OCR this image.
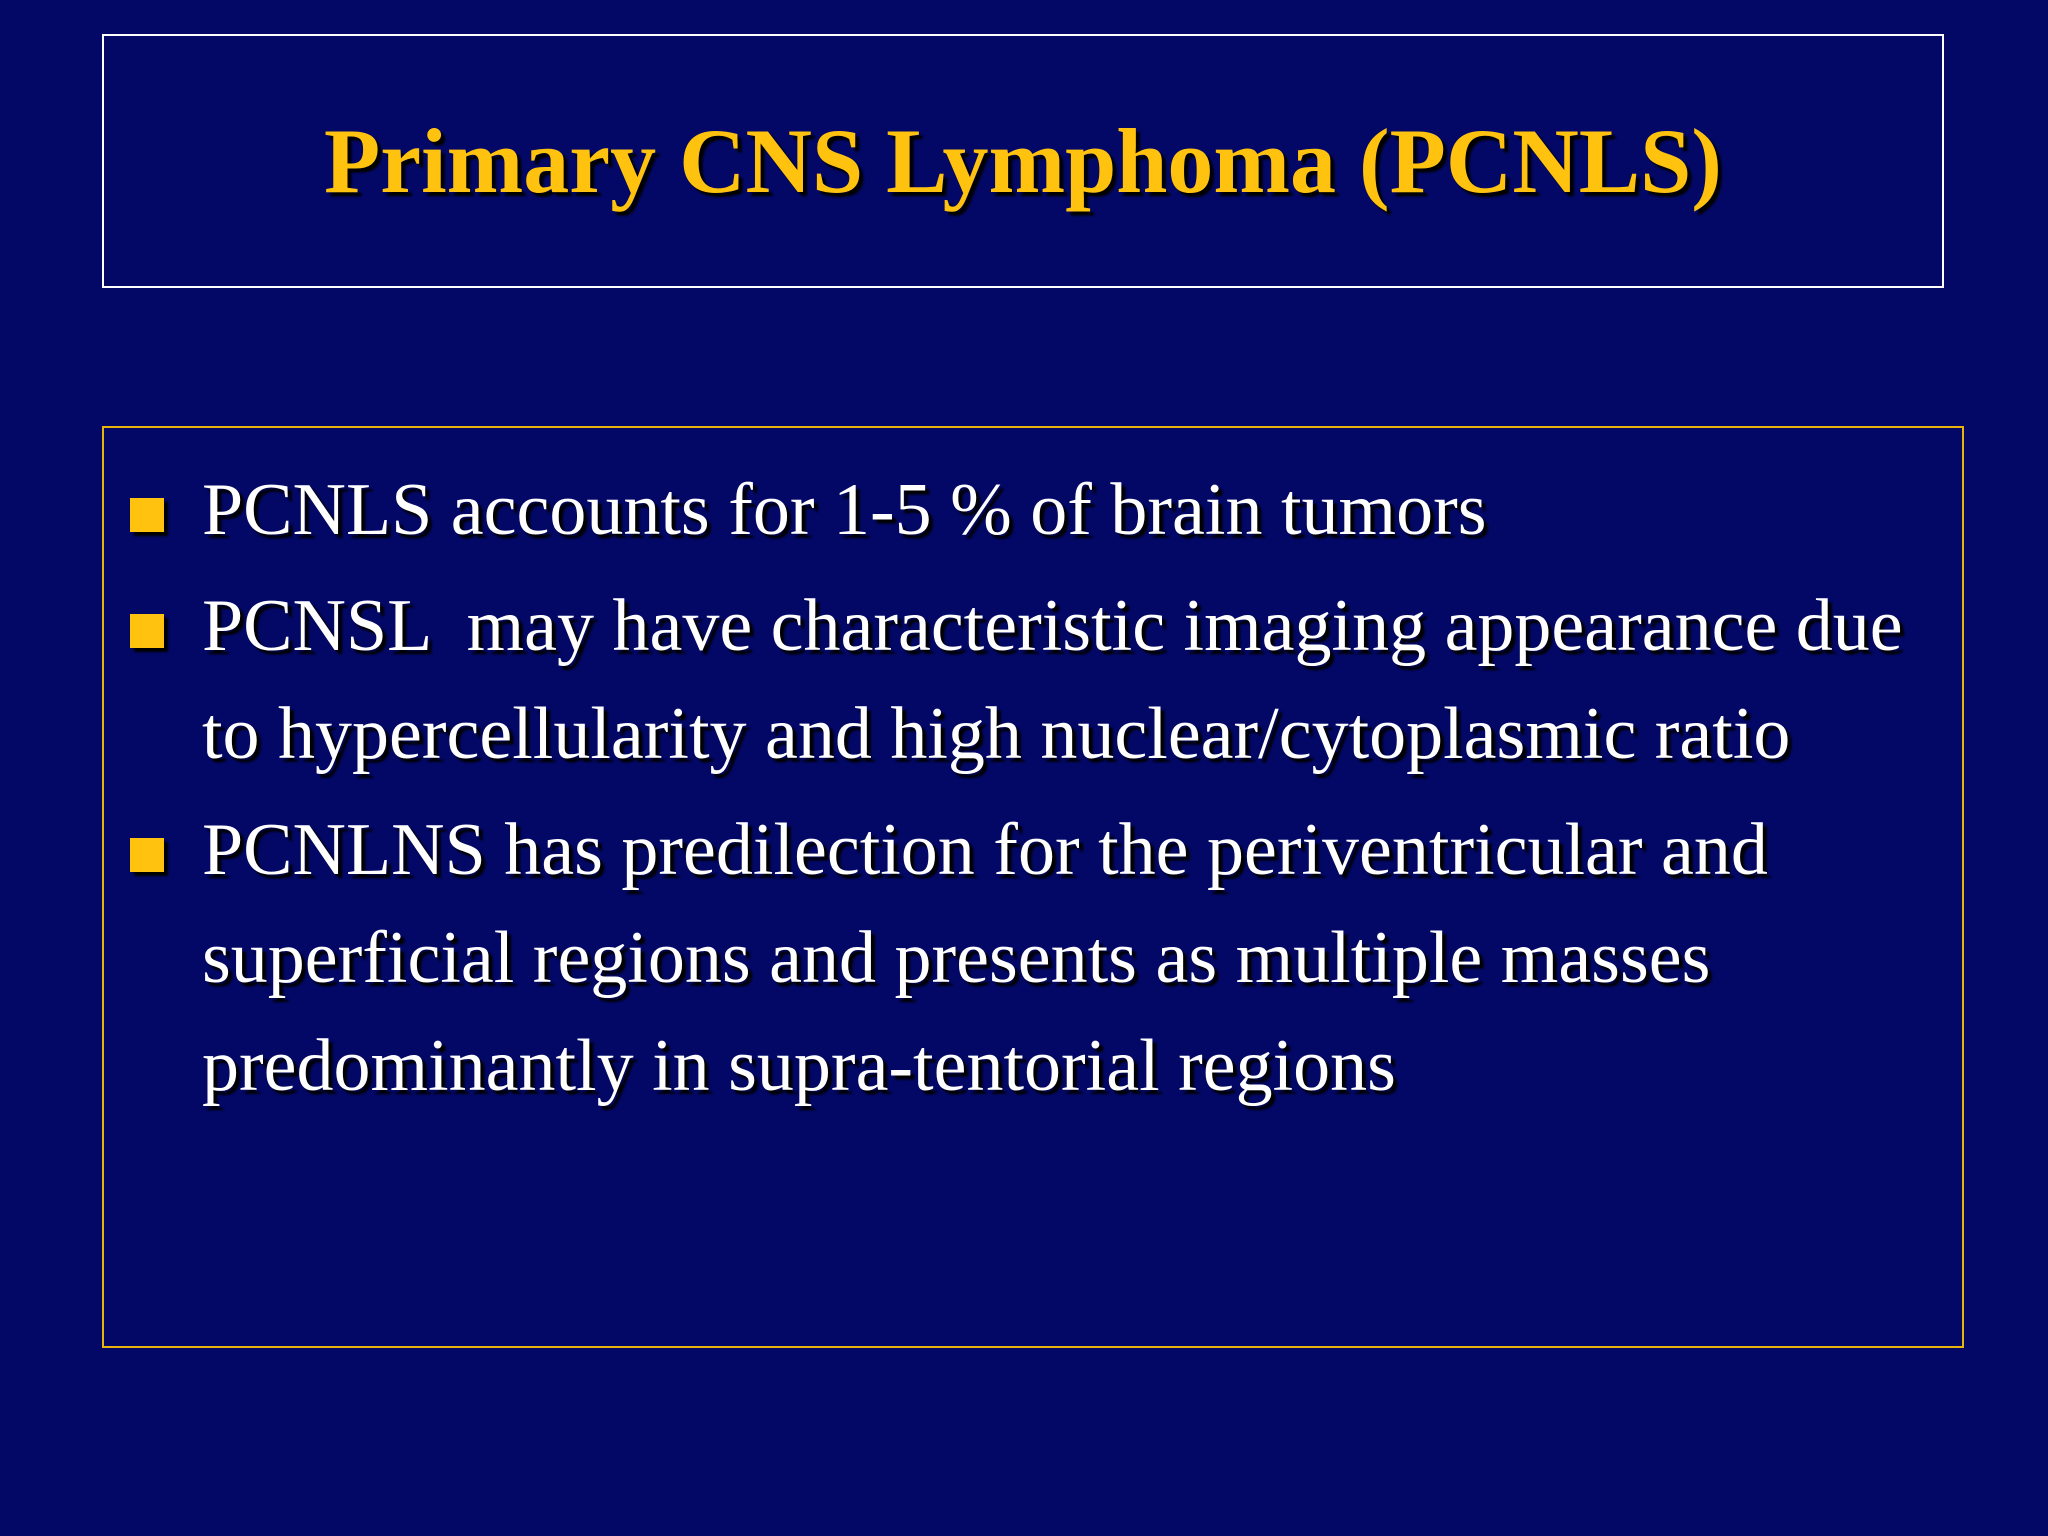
Primary CNS Lymphoma (PCNLS)
PCNLS accounts for 1-5 % of brain tumors
PCNSL  may have characteristic imaging appearance due to hypercellularity and high nuclear/cytoplasmic ratio
PCNLNS has predilection for the periventricular and superficial regions and presents as multiple masses predominantly in supra-tentorial regions
